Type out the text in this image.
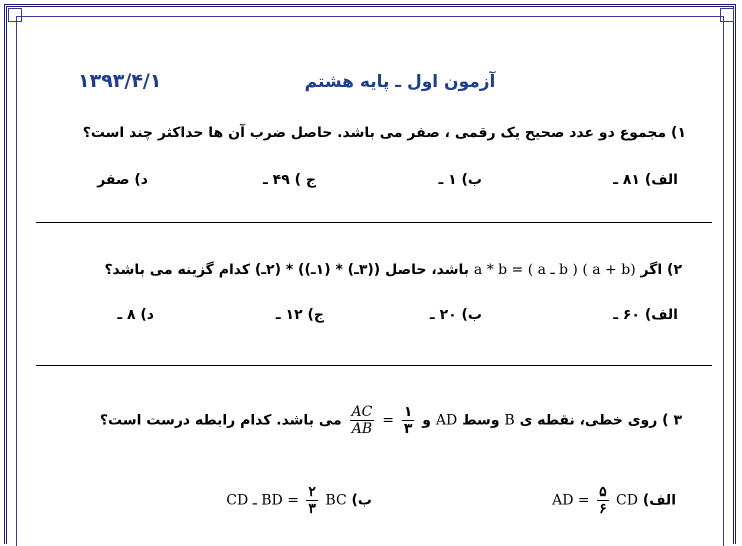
آزمون اول ـ پایه هشتم
۱۳۹۳/۴/۱
۱) مجموع دو عدد صحیح یک رقمی ، صفر می باشد. حاصل ضرب آن ها حداکثر چند است؟
الف) ۸۱ ـ
ب) ۱ ـ
ج ) ۴۹ ـ
د) صفر
۲) اگر a * b = ( a ـ b ) ( a + b) باشد، حاصل ((۳ـ) * (۱ـ)) * (۲ـ) کدام گزینه می باشد؟
الف) ۶۰ ـ
ب) ۲۰ ـ
ج) ۱۲ ـ
د) ۸ ـ
۳ ) روی خطی، نقطه ی B وسط AD و
$\frac{AC}{AB} = \frac{۱}{۳}$
می باشد. کدام رابطه درست است؟
الف) AD = $\frac{۵}{۶}$ CD
ب) CD ـ BD = $\frac{۲}{۳}$ BC
